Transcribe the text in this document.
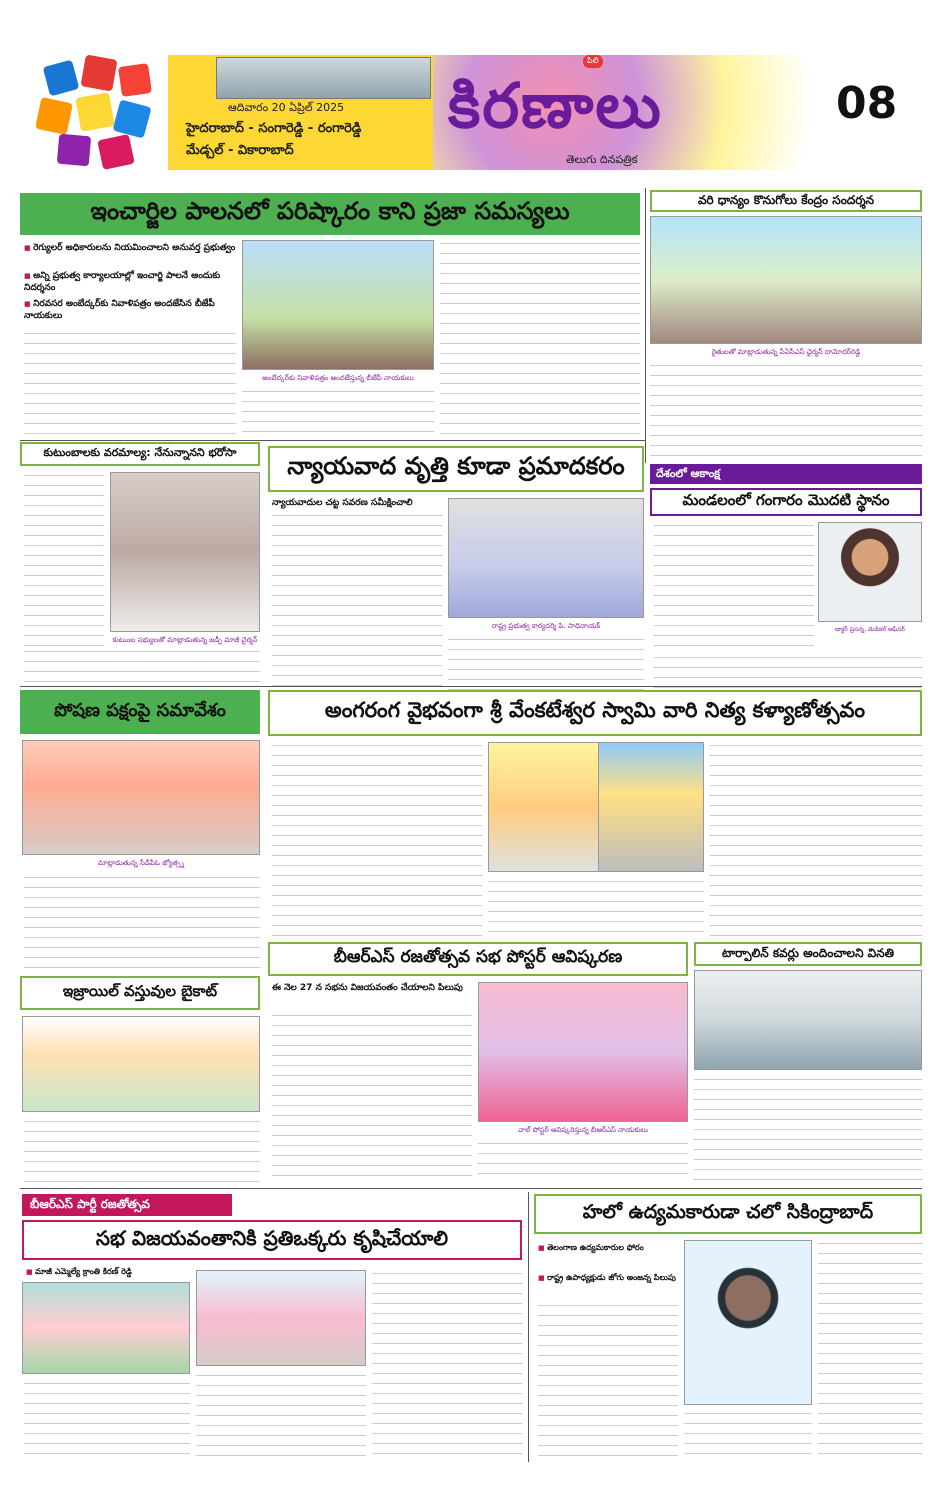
ఆదివారం 20 ఏప్రిల్ 2025
హైదరాబాద్ - సంగారెడ్డి - రంగారెడ్డి
మేడ్చల్ - వికారాబాద్
కిరణాలు
పిలి
తెలుగు దినపత్రిక
08
ఇంచార్జిల పాలనలో పరిష్కారం కాని ప్రజా సమస్యలు
■ రెగ్యులర్ అధికారులను నియమించాలని అనువర్త ప్రభుత్వం
■ అన్ని ప్రభుత్వ కార్యాలయాల్లో ఇంచార్జి పాలనే అందుకు నిదర్శనం
■ నిరవసర అంబేద్కర్‌కు నివాళిపత్రం అందజేసిన బీజేపీ నాయకులు
అంబేద్కర్‌కు నివాళిపత్రం అందజేస్తున్న బీజేపీ నాయకులు
వరి ధాన్యం కొనుగోలు కేంద్రం సందర్శన
రైతులతో మాట్లాడుతున్న పీఏసీఎస్ ఛైర్మన్ దామోదర్‌రెడ్డి
కుటుంబాలకు వరమాల్య: నేనున్నానని భరోసా
కుటుంబ సభ్యులతో మాట్లాడుతున్న జడ్పీ మాజీ చైర్మన్
న్యాయవాద వృత్తి కూడా ప్రమాదకరం
న్యాయవాదుల చట్ట సవరణ సమీక్షించాలి
రాష్ట్ర ప్రభుత్వ కార్యదర్శి పి. సాధినాయక్
దేశంలో ఆకాంక్ష
మండలంలో గంగారం మొదటి స్థానం
డాక్టర్ ప్రసన్న, మెడికల్ ఆఫీసర్
పోషణ పక్షంపై సమావేశం
మాట్లాడుతున్న సీడీపీఓ జ్యోత్స్న
అంగరంగ వైభవంగా శ్రీ వేంకటేశ్వర స్వామి వారి నిత్య కళ్యాణోత్సవం
టార్పాలిన్ కవర్లు అందించాలని వినతి
బీఆర్ఎస్ రజతోత్సవ సభ పోస్టర్ ఆవిష్కరణ
ఈ నెల 27 న సభను విజయవంతం చేయాలని పిలుపు
వాల్ పోస్టర్ ఆవిష్కరిస్తున్న బీఆర్ఎస్ నాయకులు
ఇజ్రాయిల్ వస్తువుల బైకాట్
బీఆర్ఎస్ పార్టీ రజతోత్సవ
సభ విజయవంతానికి ప్రతిఒక్కరు కృషిచేయాలి
■ మాజీ ఎమ్మెల్యే క్రాంతి కిరణ్ రెడ్డి
హలో ఉద్యమకారుడా చలో సికింద్రాబాద్
■ తెలంగాణ ఉద్యమకారుల ఫోరం
■ రాష్ట్ర ఉపాధ్యక్షుడు జోగు అంజన్న పిలుపు
